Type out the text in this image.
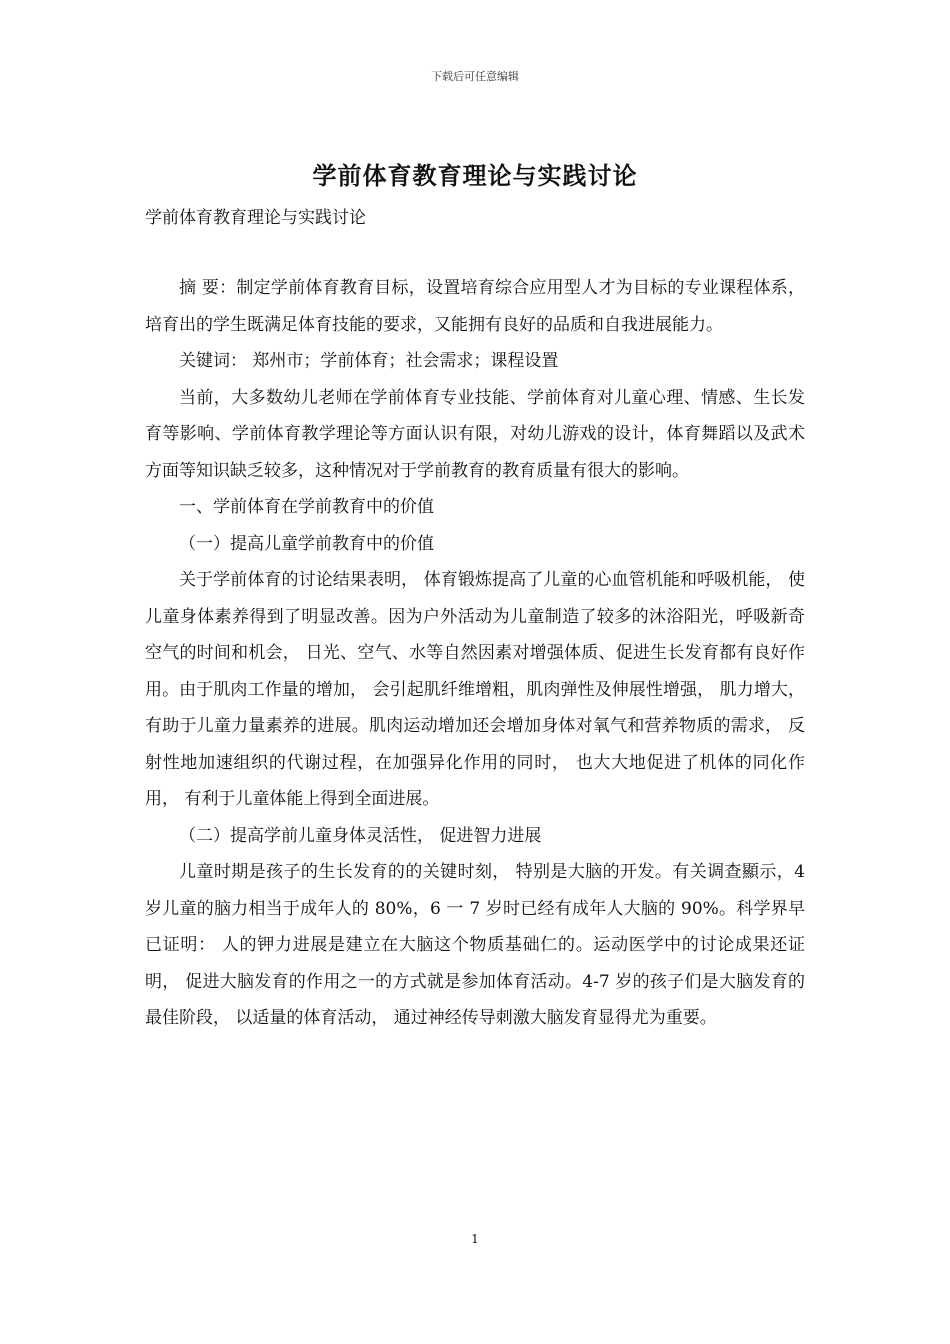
下载后可任意编辑
学前体育教育理论与实践讨论
学前体育教育理论与实践讨论

摘 要：制定学前体育教育目标，设置培育综合应用型人才为目标的专业课程体系，培育出的学生既满足体育技能的要求，又能拥有良好的品质和自我进展能力。

关键词： 郑州市；学前体育；社会需求；课程设置

当前，大多数幼儿老师在学前体育专业技能、学前体育对儿童心理、情感、生长发育等影响、学前体育教学理论等方面认识有限，对幼儿游戏的设计，体育舞蹈以及武术方面等知识缺乏较多，这种情况对于学前教育的教育质量有很大的影响。

一、学前体育在学前教育中的价值

（一）提高儿童学前教育中的价值

关于学前体育的讨论结果表明， 体育锻炼提高了儿童的心血管机能和呼吸机能， 使儿童身体素养得到了明显改善。因为户外活动为儿童制造了较多的沐浴阳光，呼吸新奇空气的时间和机会， 日光、空气、水等自然因素对增强体质、促进生长发育都有良好作用。由于肌肉工作量的增加， 会引起肌纤维增粗，肌肉弹性及伸展性增强， 肌力增大， 有助于儿童力量素养的进展。肌肉运动增加还会增加身体对氧气和营养物质的需求， 反射性地加速组织的代谢过程，在加强异化作用的同时， 也大大地促进了机体的同化作用， 有利于儿童体能上得到全面进展。

（二）提高学前儿童身体灵活性， 促进智力进展

儿童时期是孩子的生长发育的的关键时刻， 特别是大脑的开发。有关调查顯示，4 岁儿童的脑力相当于成年人的 80%，6 一 7 岁时已经有成年人大脑的 90%。科学界早已证明： 人的钾力进展是建立在大脑这个物质基础仁的。运动医学中的讨论成果还证明， 促进大脑发育的作用之一的方式就是参加体育活动。4-7 岁的孩子们是大脑发育的最佳阶段， 以适量的体育活动， 通过神经传导刺激大脑发育显得尤为重要。

1
